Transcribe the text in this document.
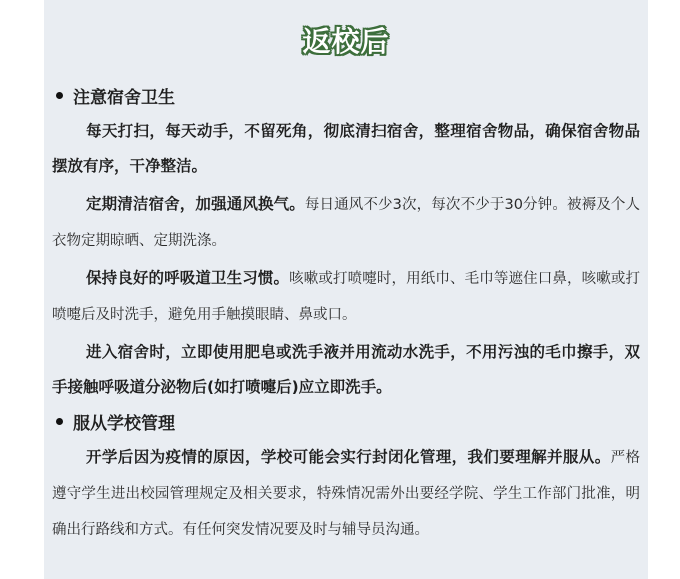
返校后
注意宿舍卫生

每天打扫，每天动手，不留死角，彻底清扫宿舍，整理宿舍物品，确保宿舍物品摆放有序，干净整洁。

定期清洁宿舍，加强通风换气。每日通风不少3次，每次不少于30分钟。被褥及个人衣物定期晾晒、定期洗涤。

保持良好的呼吸道卫生习惯。咳嗽或打喷嚏时，用纸巾、毛巾等遮住口鼻，咳嗽或打喷嚏后及时洗手，避免用手触摸眼睛、鼻或口。

进入宿舍时，立即使用肥皂或洗手液并用流动水洗手，不用污浊的毛巾擦手，双手接触呼吸道分泌物后(如打喷嚏后)应立即洗手。

服从学校管理

开学后因为疫情的原因，学校可能会实行封闭化管理，我们要理解并服从。严格遵守学生进出校园管理规定及相关要求，特殊情况需外出要经学院、学生工作部门批准，明确出行路线和方式。有任何突发情况要及时与辅导员沟通。
